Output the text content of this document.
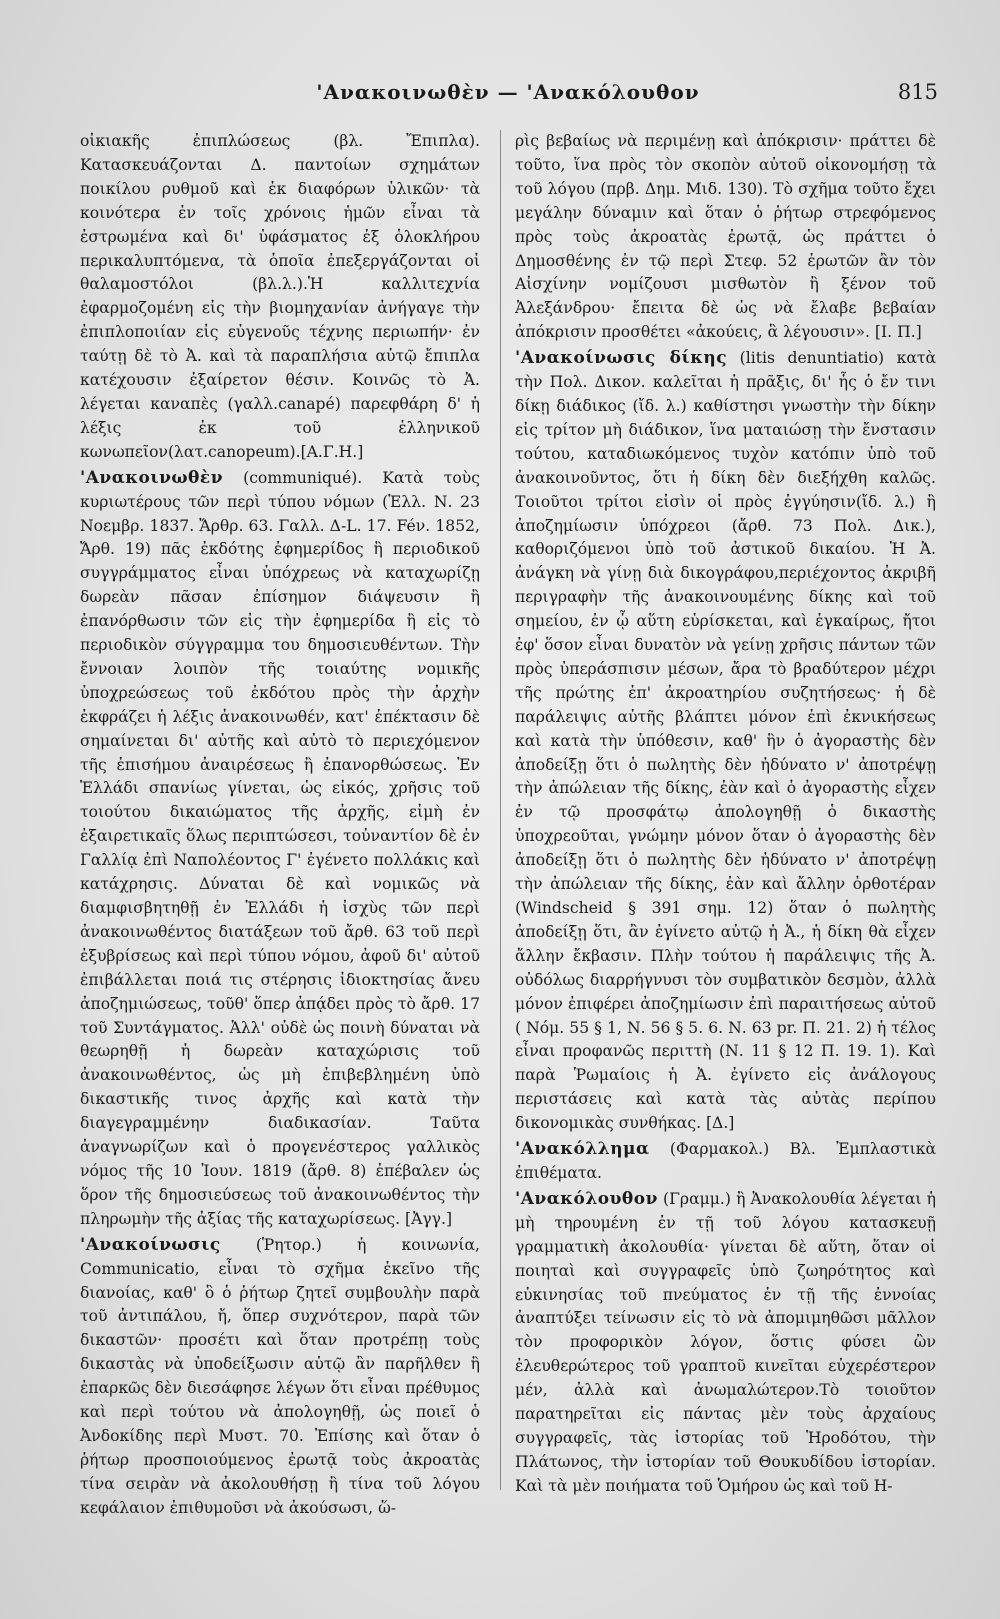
'Ανακοινωθὲν — 'Ανακόλουθον	815

οἰκιακῆς ἐπιπλώσεως (βλ. Ἔπιπλα). Κατασκευάζονται Δ. παντοίων σχημάτων ποικίλου ρυθμοῦ καὶ ἐκ διαφόρων ὑλικῶν· τὰ κοινότερα ἐν τοῖς χρόνοις ἡμῶν εἶναι τὰ ἐστρωμένα καὶ δι' ὑφάσματος ἐξ ὁλοκλήρου περικαλυπτόμενα, τὰ ὁποῖα ἐπεξεργάζονται οἱ θαλαμοστόλοι (βλ.λ.).Ἡ καλλιτεχνία ἐφαρμοζομένη εἰς τὴν βιομηχανίαν ἀνήγαγε τὴν ἐπιπλοποιίαν εἰς εὐγενοῦς τέχνης περιωπήν· ἐν ταύτῃ δὲ τὸ Ἀ. καὶ τὰ παραπλήσια αὐτῷ ἔπιπλα κατέχουσιν ἐξαίρετον θέσιν. Κοινῶς τὸ Ἀ. λέγεται καναπὲς (γαλλ.canapé) παρεφθάρη δ' ἡ λέξις ἐκ τοῦ ἑλληνικοῦ κωνωπεῖον(λατ.canopeum).[Α.Γ.Η.]

'Ανακοινωθὲν (communiqué). Κατὰ τοὺς κυριωτέρους τῶν περὶ τύπου νόμων (Ἑλλ. Ν. 23 Νοεμβρ. 1837. Ἄρθρ. 63. Γαλλ. Δ-L. 17. Féν. 1852, Ἄρθ. 19) πᾶς ἐκδότης ἐφημερίδος ἢ περιοδικοῦ συγγράμματος εἶναι ὑπόχρεως νὰ καταχωρίζῃ δωρεὰν πᾶσαν ἐπίσημον διάψευσιν ἢ ἐπανόρθωσιν τῶν εἰς τὴν ἐφημερίδα ἢ εἰς τὸ περιοδικὸν σύγγραμμα του δημοσιευθέντων. Τὴν ἔννοιαν λοιπὸν τῆς τοιαύτης νομικῆς ὑποχρεώσεως τοῦ ἐκδότου πρὸς τὴν ἀρχὴν ἐκφράζει ἡ λέξις ἀνακοινωθέν, κατ' ἐπέκτασιν δὲ σημαίνεται δι' αὐτῆς καὶ αὐτὸ τὸ περιεχόμενον τῆς ἐπισήμου ἀναιρέσεως ἢ ἐπανορθώσεως. Ἐν Ἑλλάδι σπανίως γίνεται, ὡς εἰκός, χρῆσις τοῦ τοιούτου δικαιώματος τῆς ἀρχῆς, εἰμὴ ἐν ἐξαιρετικαῖς ὅλως περιπτώσεσι, τοὐναντίον δὲ ἐν Γαλλίᾳ ἐπὶ Ναπολέοντος Γ' ἐγένετο πολλάκις καὶ κατάχρησις. Δύναται δὲ καὶ νομικῶς νὰ διαμφισβητηθῇ ἐν Ἑλλάδι ἡ ἰσχὺς τῶν περὶ ἀνακοινωθέντος διατάξεων τοῦ ἄρθ. 63 τοῦ περὶ ἐξυβρίσεως καὶ περὶ τύπου νόμου, ἀφοῦ δι' αὐτοῦ ἐπιβάλλεται ποιά τις στέρησις ἰδιοκτησίας ἄνευ ἀποζημιώσεως, τοῦθ' ὅπερ ἀπᾴδει πρὸς τὸ ἄρθ. 17 τοῦ Συντάγματος. Ἀλλ' οὐδὲ ὡς ποινὴ δύναται νὰ θεωρηθῇ ἡ δωρεὰν καταχώρισις τοῦ ἀνακοινωθέντος, ὡς μὴ ἐπιβεβλημένη ὑπὸ δικαστικῆς τινος ἀρχῆς καὶ κατὰ τὴν διαγεγραμμένην διαδικασίαν. Ταῦτα ἀναγνωρίζων καὶ ὁ προγενέστερος γαλλικὸς νόμος τῆς 10 Ἰουν. 1819 (ἄρθ. 8) ἐπέβαλεν ὡς ὅρον τῆς δημοσιεύσεως τοῦ ἀνακοινωθέντος τὴν πληρωμὴν τῆς ἀξίας τῆς καταχωρίσεως. [Ἀγγ.]

'Ανακοίνωσις (Ῥητορ.) ἡ κοινωνία, Communicatio, εἶναι τὸ σχῆμα ἐκεῖνο τῆς διανοίας, καθ' ὃ ὁ ῥήτωρ ζητεῖ συμβουλὴν παρὰ τοῦ ἀντιπάλου, ἤ, ὅπερ συχνότερον, παρὰ τῶν δικαστῶν· προσέτι καὶ ὅταν προτρέπῃ τοὺς δικαστὰς νὰ ὑποδείξωσιν αὐτῷ ἂν παρῆλθεν ἢ ἐπαρκῶς δὲν διεσάφησε λέγων ὅτι εἶναι πρέθυμος καὶ περὶ τούτου νὰ ἀπολογηθῇ, ὡς ποιεῖ ὁ Ἀνδοκίδης περὶ Μυστ. 70. Ἐπίσης καὶ ὅταν ὁ ῥήτωρ προσποιούμενος ἐρωτᾷ τοὺς ἀκροατὰς τίνα σειρὰν νὰ ἀκολουθήσῃ ἢ τίνα τοῦ λόγου κεφάλαιον ἐπιθυμοῦσι νὰ ἀκούσωσι, ὥ-

ρὶς βεβαίως νὰ περιμένῃ καὶ ἀπόκρισιν· πράττει δὲ τοῦτο, ἵνα πρὸς τὸν σκοπὸν αὐτοῦ οἰκονομήσῃ τὰ τοῦ λόγου (πρβ. Δημ. Μιδ. 130). Τὸ σχῆμα τοῦτο ἔχει μεγάλην δύναμιν καὶ ὅταν ὁ ῥήτωρ στρεφόμενος πρὸς τοὺς ἀκροατὰς ἐρωτᾷ, ὡς πράττει ὁ Δημοσθένης ἐν τῷ περὶ Στεφ. 52 ἐρωτῶν ἂν τὸν Αἰσχίνην νομίζουσι μισθωτὸν ἢ ξένον τοῦ Ἀλεξάνδρου· ἔπειτα δὲ ὡς νὰ ἔλαβε βεβαίαν ἀπόκρισιν προσθέτει «ἀκούεις, ἃ λέγουσιν». [Ι. Π.]

'Ανακοίνωσις δίκης (litis denuntiatio) κατὰ τὴν Πολ. Δικον. καλεῖται ἡ πρᾶξις, δι' ἧς ὁ ἔν τινι δίκῃ διάδικος (ἴδ. λ.) καθίστησι γνωστὴν τὴν δίκην εἰς τρίτον μὴ διάδικον, ἵνα ματαιώσῃ τὴν ἔνστασιν τούτου, καταδιωκόμενος τυχὸν κατόπιν ὑπὸ τοῦ ἀνακοινοῦντος, ὅτι ἡ δίκη δὲν διεξήχθη καλῶς. Τοιοῦτοι τρίτοι εἰσὶν οἱ πρὸς ἐγγύησιν(ἴδ. λ.) ἢ ἀποζημίωσιν ὑπόχρεοι (ἄρθ. 73 Πολ. Δικ.), καθοριζόμενοι ὑπὸ τοῦ ἀστικοῦ δικαίου. Ἡ Ἀ. ἀνάγκη νὰ γίνῃ διὰ δικογράφου,περιέχοντος ἀκριβῆ περιγραφὴν τῆς ἀνακοινουμένης δίκης καὶ τοῦ σημείου, ἐν ᾧ αὕτη εὑρίσκεται, καὶ ἐγκαίρως, ἤτοι ἐφ' ὅσον εἶναι δυνατὸν νὰ γείνῃ χρῆσις πάντων τῶν πρὸς ὑπεράσπισιν μέσων, ἄρα τὸ βραδύτερον μέχρι τῆς πρώτης ἐπ' ἀκροατηρίου συζητήσεως· ἡ δὲ παράλειψις αὐτῆς βλάπτει μόνον ἐπὶ ἐκνικήσεως καὶ κατὰ τὴν ὑπόθεσιν, καθ' ἣν ὁ ἀγοραστὴς δὲν ἀποδείξῃ ὅτι ὁ πωλητὴς δὲν ἠδύνατο ν' ἀποτρέψῃ τὴν ἀπώλειαν τῆς δίκης, ἐὰν καὶ ὁ ἀγοραστὴς εἶχεν ἐν τῷ προσφάτῳ ἀπολογηθῇ ὁ δικαστὴς ὑποχρεοῦται, γνώμην μόνον ὅταν ὁ ἀγοραστὴς δὲν ἀποδείξῃ ὅτι ὁ πωλητὴς δὲν ἠδύνατο ν' ἀποτρέψῃ τὴν ἀπώλειαν τῆς δίκης, ἐὰν καὶ ἄλλην ὀρθοτέραν (Windscheid § 391 σημ. 12) ὅταν ὁ πωλητὴς ἀποδείξῃ ὅτι, ἂν ἐγίνετο αὐτῷ ἡ Ἀ., ἡ δίκη θὰ εἶχεν ἄλλην ἔκβασιν. Πλὴν τούτου ἡ παράλειψις τῆς Ἀ. οὐδόλως διαρρήγνυσι τὸν συμβατικὸν δεσμὸν, ἀλλὰ μόνον ἐπιφέρει ἀποζημίωσιν ἐπὶ παραιτήσεως αὐτοῦ ( Νόμ. 55 § 1, Ν. 56 § 5. 6. Ν. 63 pr. Π. 21. 2) ἡ τέλος εἶναι προφανῶς περιττὴ (Ν. 11 § 12 Π. 19. 1). Καὶ παρὰ Ῥωμαίοις ἡ Ἀ. ἐγίνετο εἰς ἀνάλογους περιστάσεις καὶ κατὰ τὰς αὐτὰς περίπου δικονομικὰς συνθήκας. [Δ.]

'Ανακόλλημα (Φαρμακολ.) Βλ. Ἐμπλαστικὰ ἐπιθέματα.

'Ανακόλουθον (Γραμμ.) ἢ Ἀνακολουθία λέγεται ἡ μὴ τηρουμένη ἐν τῇ τοῦ λόγου κατασκευῇ γραμματικὴ ἀκολουθία· γίνεται δὲ αὕτη, ὅταν οἱ ποιηταὶ καὶ συγγραφεῖς ὑπὸ ζωηρότητος καὶ εὐκινησίας τοῦ πνεύματος ἐν τῇ τῆς ἐννοίας ἀναπτύξει τείνωσιν εἰς τὸ νὰ ἀπομιμηθῶσι μᾶλλον τὸν προφορικὸν λόγον, ὅστις φύσει ὢν ἐλευθερώτερος τοῦ γραπτοῦ κινεῖται εὐχερέστερον μέν, ἀλλὰ καὶ ἀνωμαλώτερον.Τὸ τοιοῦτον παρατηρεῖται εἰς πάντας μὲν τοὺς ἀρχαίους συγγραφεῖς, τὰς ἱστορίας τοῦ Ἡροδότου, τὴν Πλάτωνος, τὴν ἱστορίαν τοῦ Θουκυδίδου ἱστορίαν. Καὶ τὰ μὲν ποιήματα τοῦ Ὁμήρου ὡς καὶ τοῦ Η-
